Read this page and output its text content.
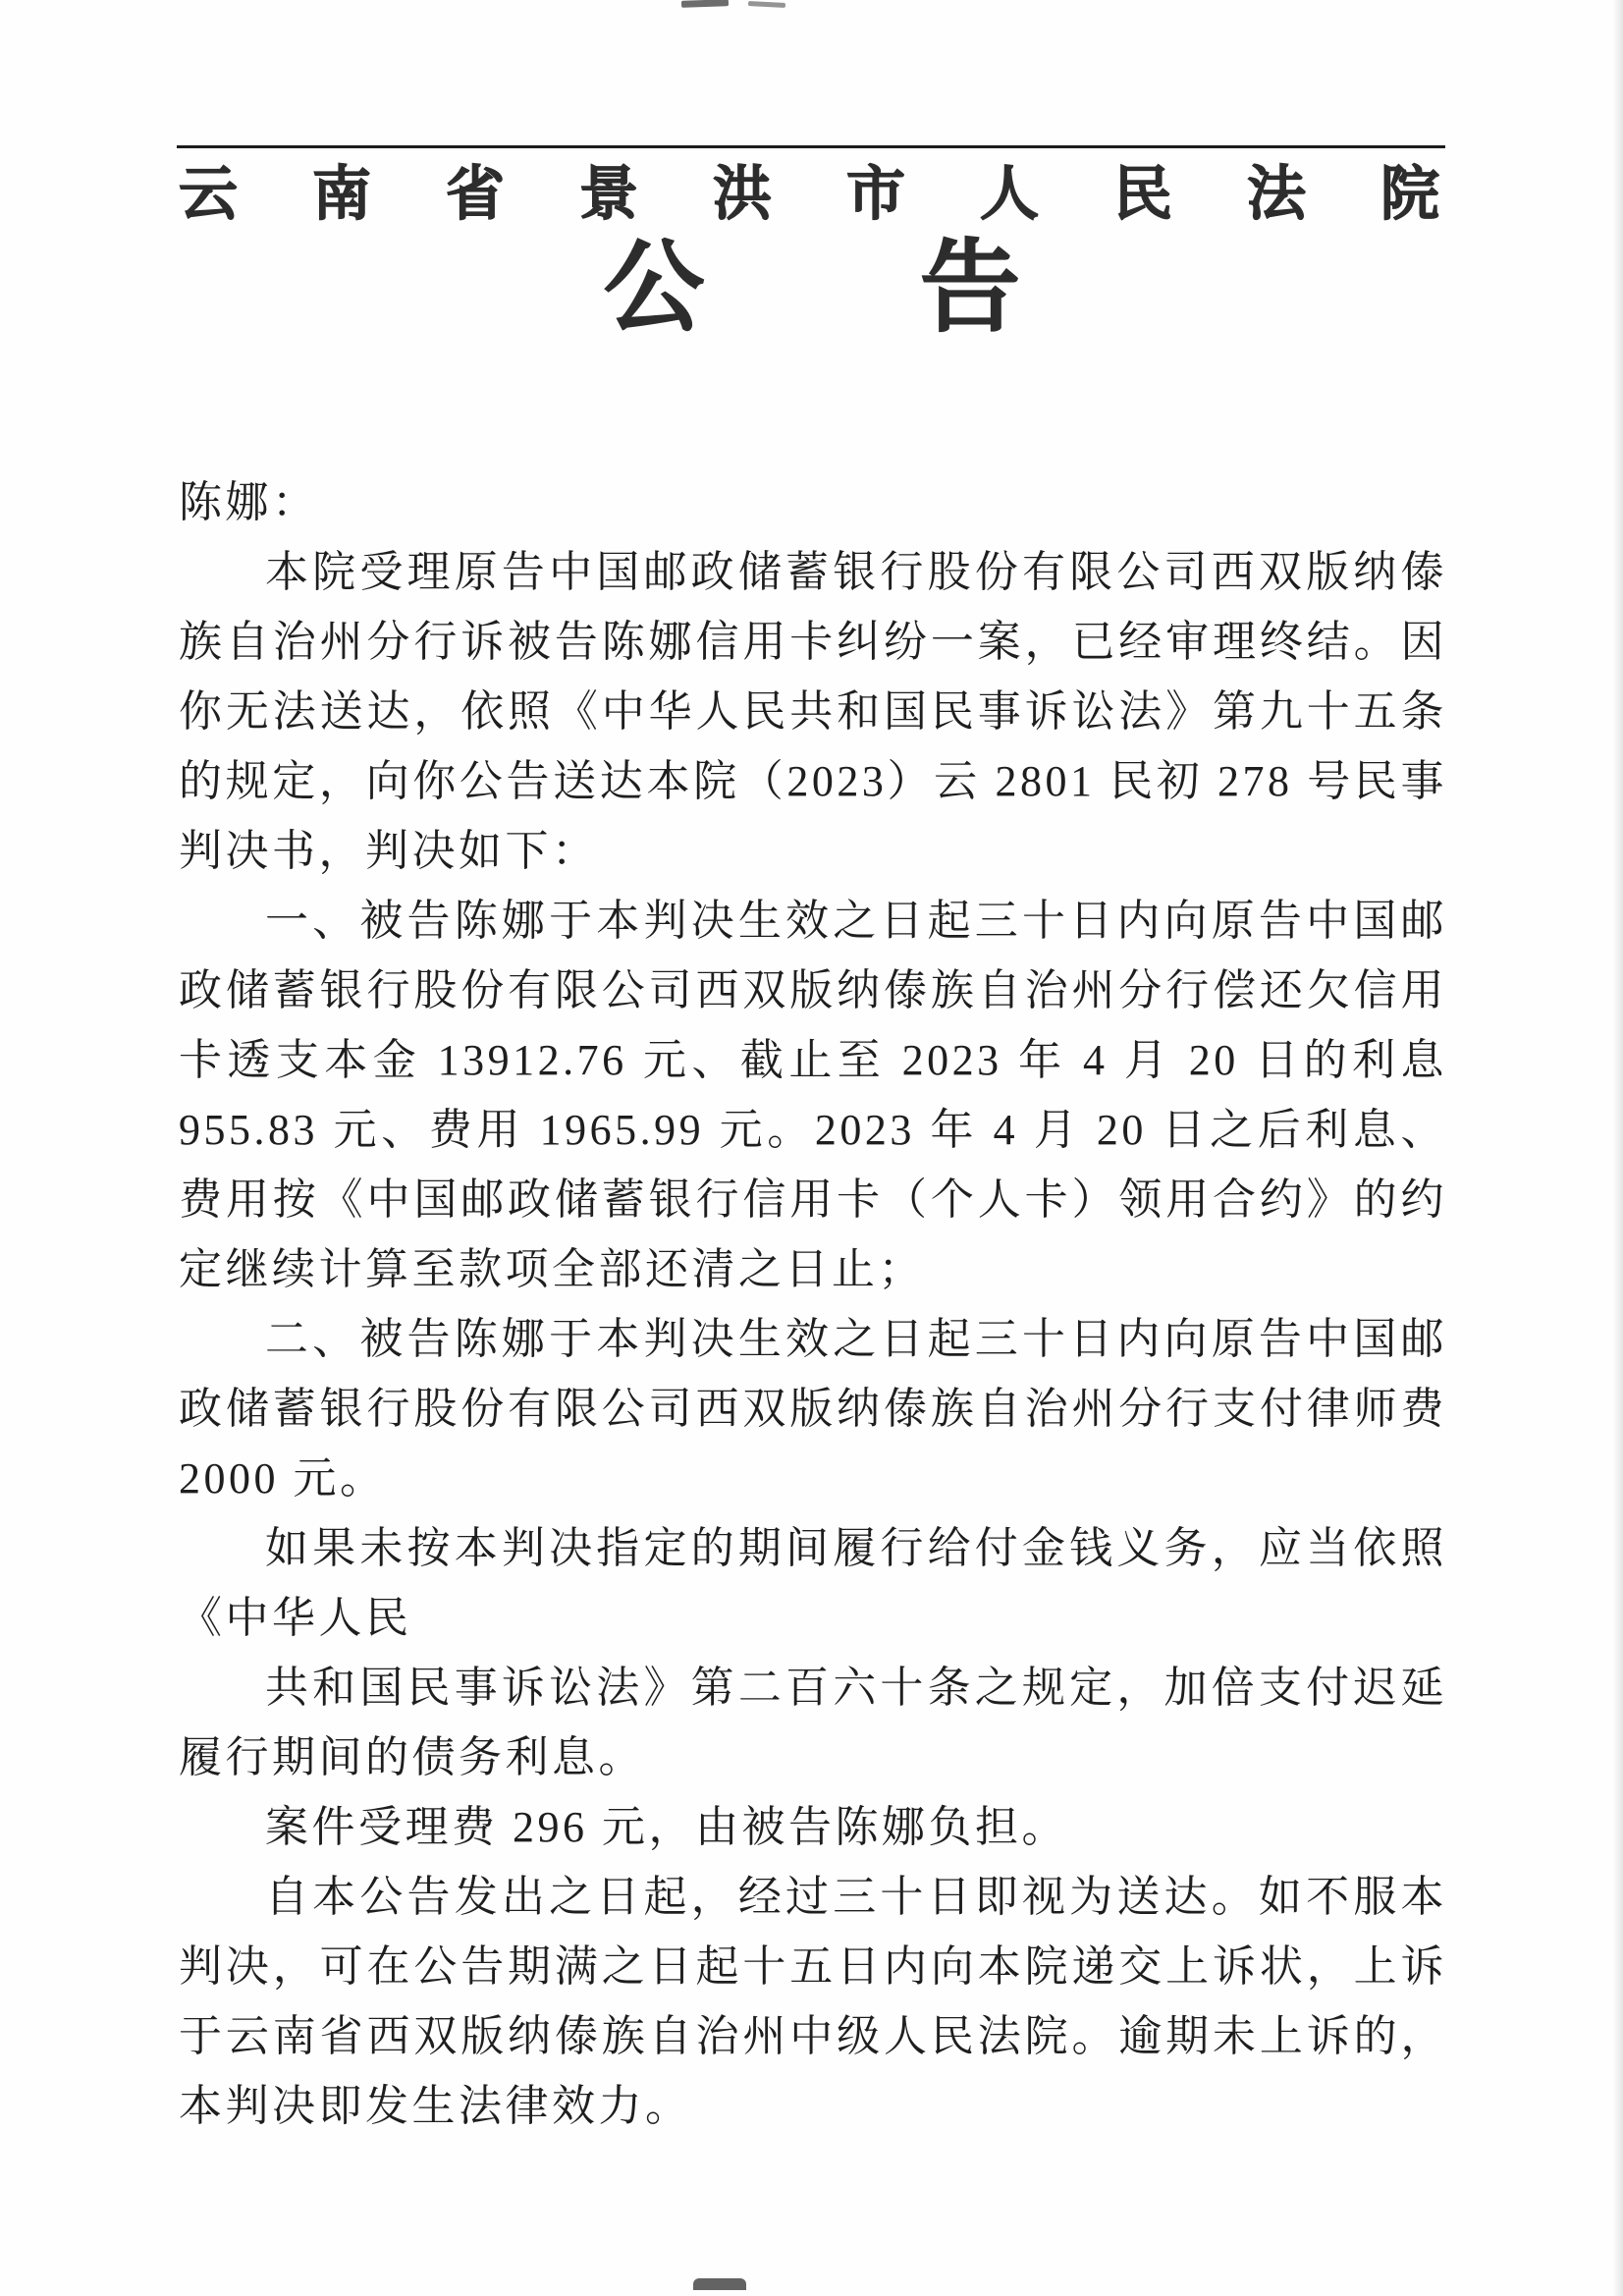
云南省景洪市人民法院
公告

陈娜：

本院受理原告中国邮政储蓄银行股份有限公司西双版纳傣族自治州分行诉被告陈娜信用卡纠纷一案，已经审理终结。因你无法送达，依照《中华人民共和国民事诉讼法》第九十五条的规定，向你公告送达本院（2023）云 2801 民初 278 号民事判决书，判决如下：

一、被告陈娜于本判决生效之日起三十日内向原告中国邮政储蓄银行股份有限公司西双版纳傣族自治州分行偿还欠信用卡透支本金 13912.76 元、截止至 2023 年 4 月 20 日的利息 955.83 元、费用 1965.99 元。2023 年 4 月 20 日之后利息、费用按《中国邮政储蓄银行信用卡（个人卡）领用合约》的约定继续计算至款项全部还清之日止；

二、被告陈娜于本判决生效之日起三十日内向原告中国邮政储蓄银行股份有限公司西双版纳傣族自治州分行支付律师费 2000 元。

如果未按本判决指定的期间履行给付金钱义务，应当依照《中华人民

共和国民事诉讼法》第二百六十条之规定，加倍支付迟延履行期间的债务利息。

案件受理费 296 元，由被告陈娜负担。

自本公告发出之日起，经过三十日即视为送达。如不服本判决，可在公告期满之日起十五日内向本院递交上诉状，上诉于云南省西双版纳傣族自治州中级人民法院。逾期未上诉的，本判决即发生法律效力。
